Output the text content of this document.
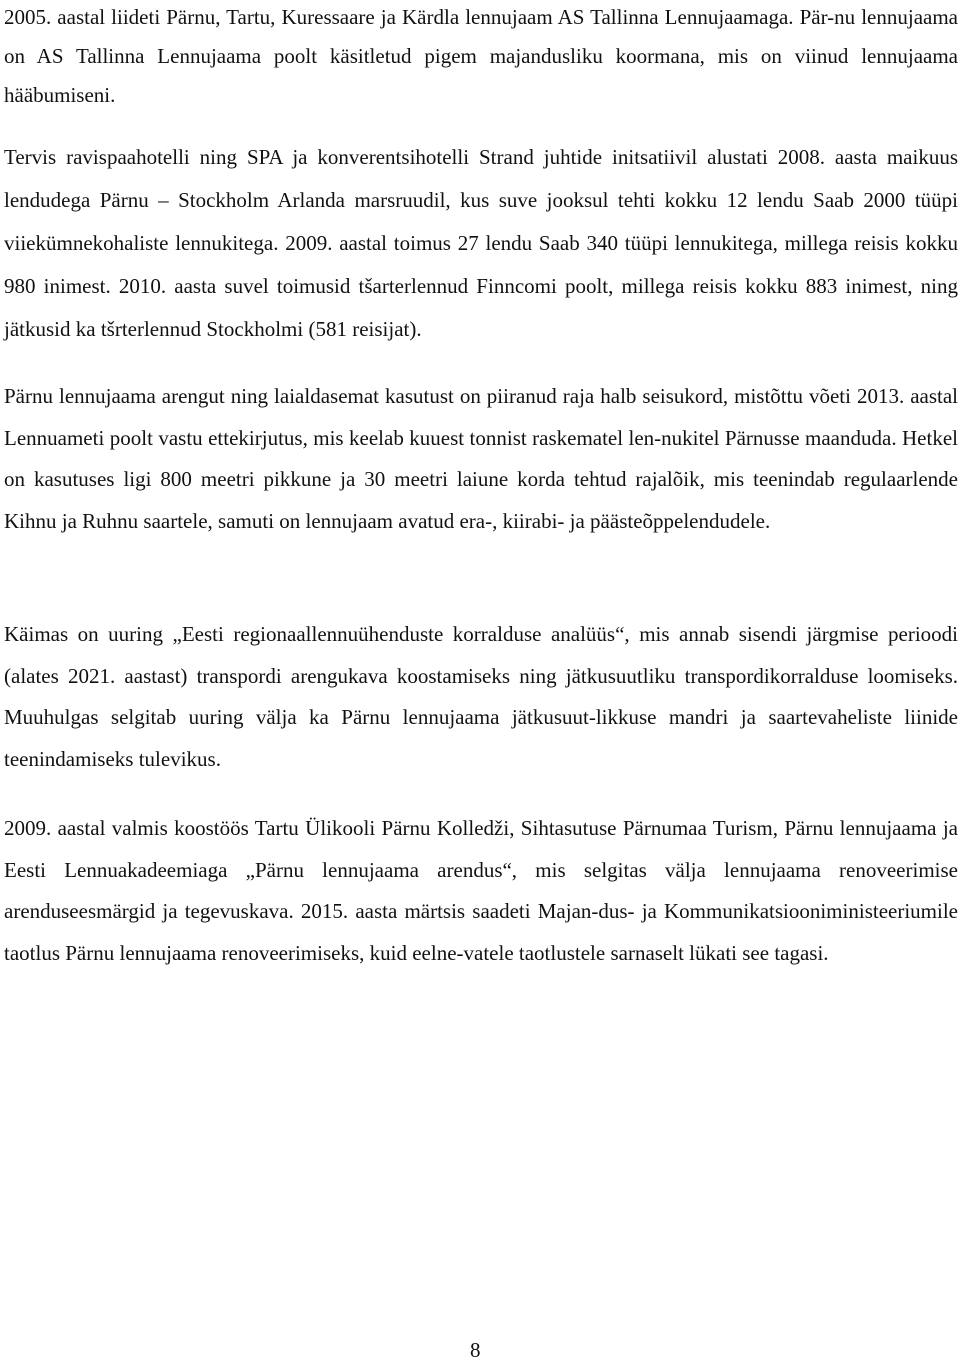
2005. aastal liideti Pärnu, Tartu, Kuressaare ja Kärdla lennujaam AS Tallinna Lennujaamaga. Pär-nu lennujaama on AS Tallinna Lennujaama poolt käsitletud pigem majandusliku koormana, mis on viinud lennujaama hääbumiseni.

Tervis ravispaahotelli ning SPA ja konverentsihotelli Strand juhtide initsatiivil alustati 2008. aasta maikuus lendudega Pärnu – Stockholm Arlanda marsruudil, kus suve jooksul tehti kokku 12 lendu Saab 2000 tüüpi viiekümnekohaliste lennukitega. 2009. aastal toimus 27 lendu Saab 340 tüüpi lennukitega, millega reisis kokku 980 inimest. 2010. aasta suvel toimusid tšarterlennud Finncomi poolt, millega reisis kokku 883 inimest, ning jätkusid ka tšrterlennud Stockholmi (581 reisijat).

Pärnu lennujaama arengut ning laialdasemat kasutust on piiranud raja halb seisukord, mistõttu võeti 2013. aastal Lennuameti poolt vastu ettekirjutus, mis keelab kuuest tonnist raskematel len-nukitel Pärnusse maanduda. Hetkel on kasutuses ligi 800 meetri pikkune ja 30 meetri laiune korda tehtud rajalõik, mis teenindab regulaarlende Kihnu ja Ruhnu saartele, samuti on lennujaam avatud era-, kiirabi- ja päästeõppelendudele.

Käimas on uuring „Eesti regionaallennuühenduste korralduse analüüs“, mis annab sisendi järgmise perioodi (alates 2021. aastast) transpordi arengukava koostamiseks ning jätkusuutliku transpordikorralduse loomiseks. Muuhulgas selgitab uuring välja ka Pärnu lennujaama jätkusuut-likkuse mandri ja saartevaheliste liinide teenindamiseks tulevikus.

2009. aastal valmis koostöös Tartu Ülikooli Pärnu Kolledži, Sihtasutuse Pärnumaa Turism, Pärnu lennujaama ja Eesti Lennuakadeemiaga „Pärnu lennujaama arendus“, mis selgitas välja lennujaama renoveerimise arenduseesmärgid ja tegevuskava. 2015. aasta märtsis saadeti Majan-dus- ja Kommunikatsiooniministeeriumile taotlus Pärnu lennujaama renoveerimiseks, kuid eelne-vatele taotlustele sarnaselt lükati see tagasi.

8
